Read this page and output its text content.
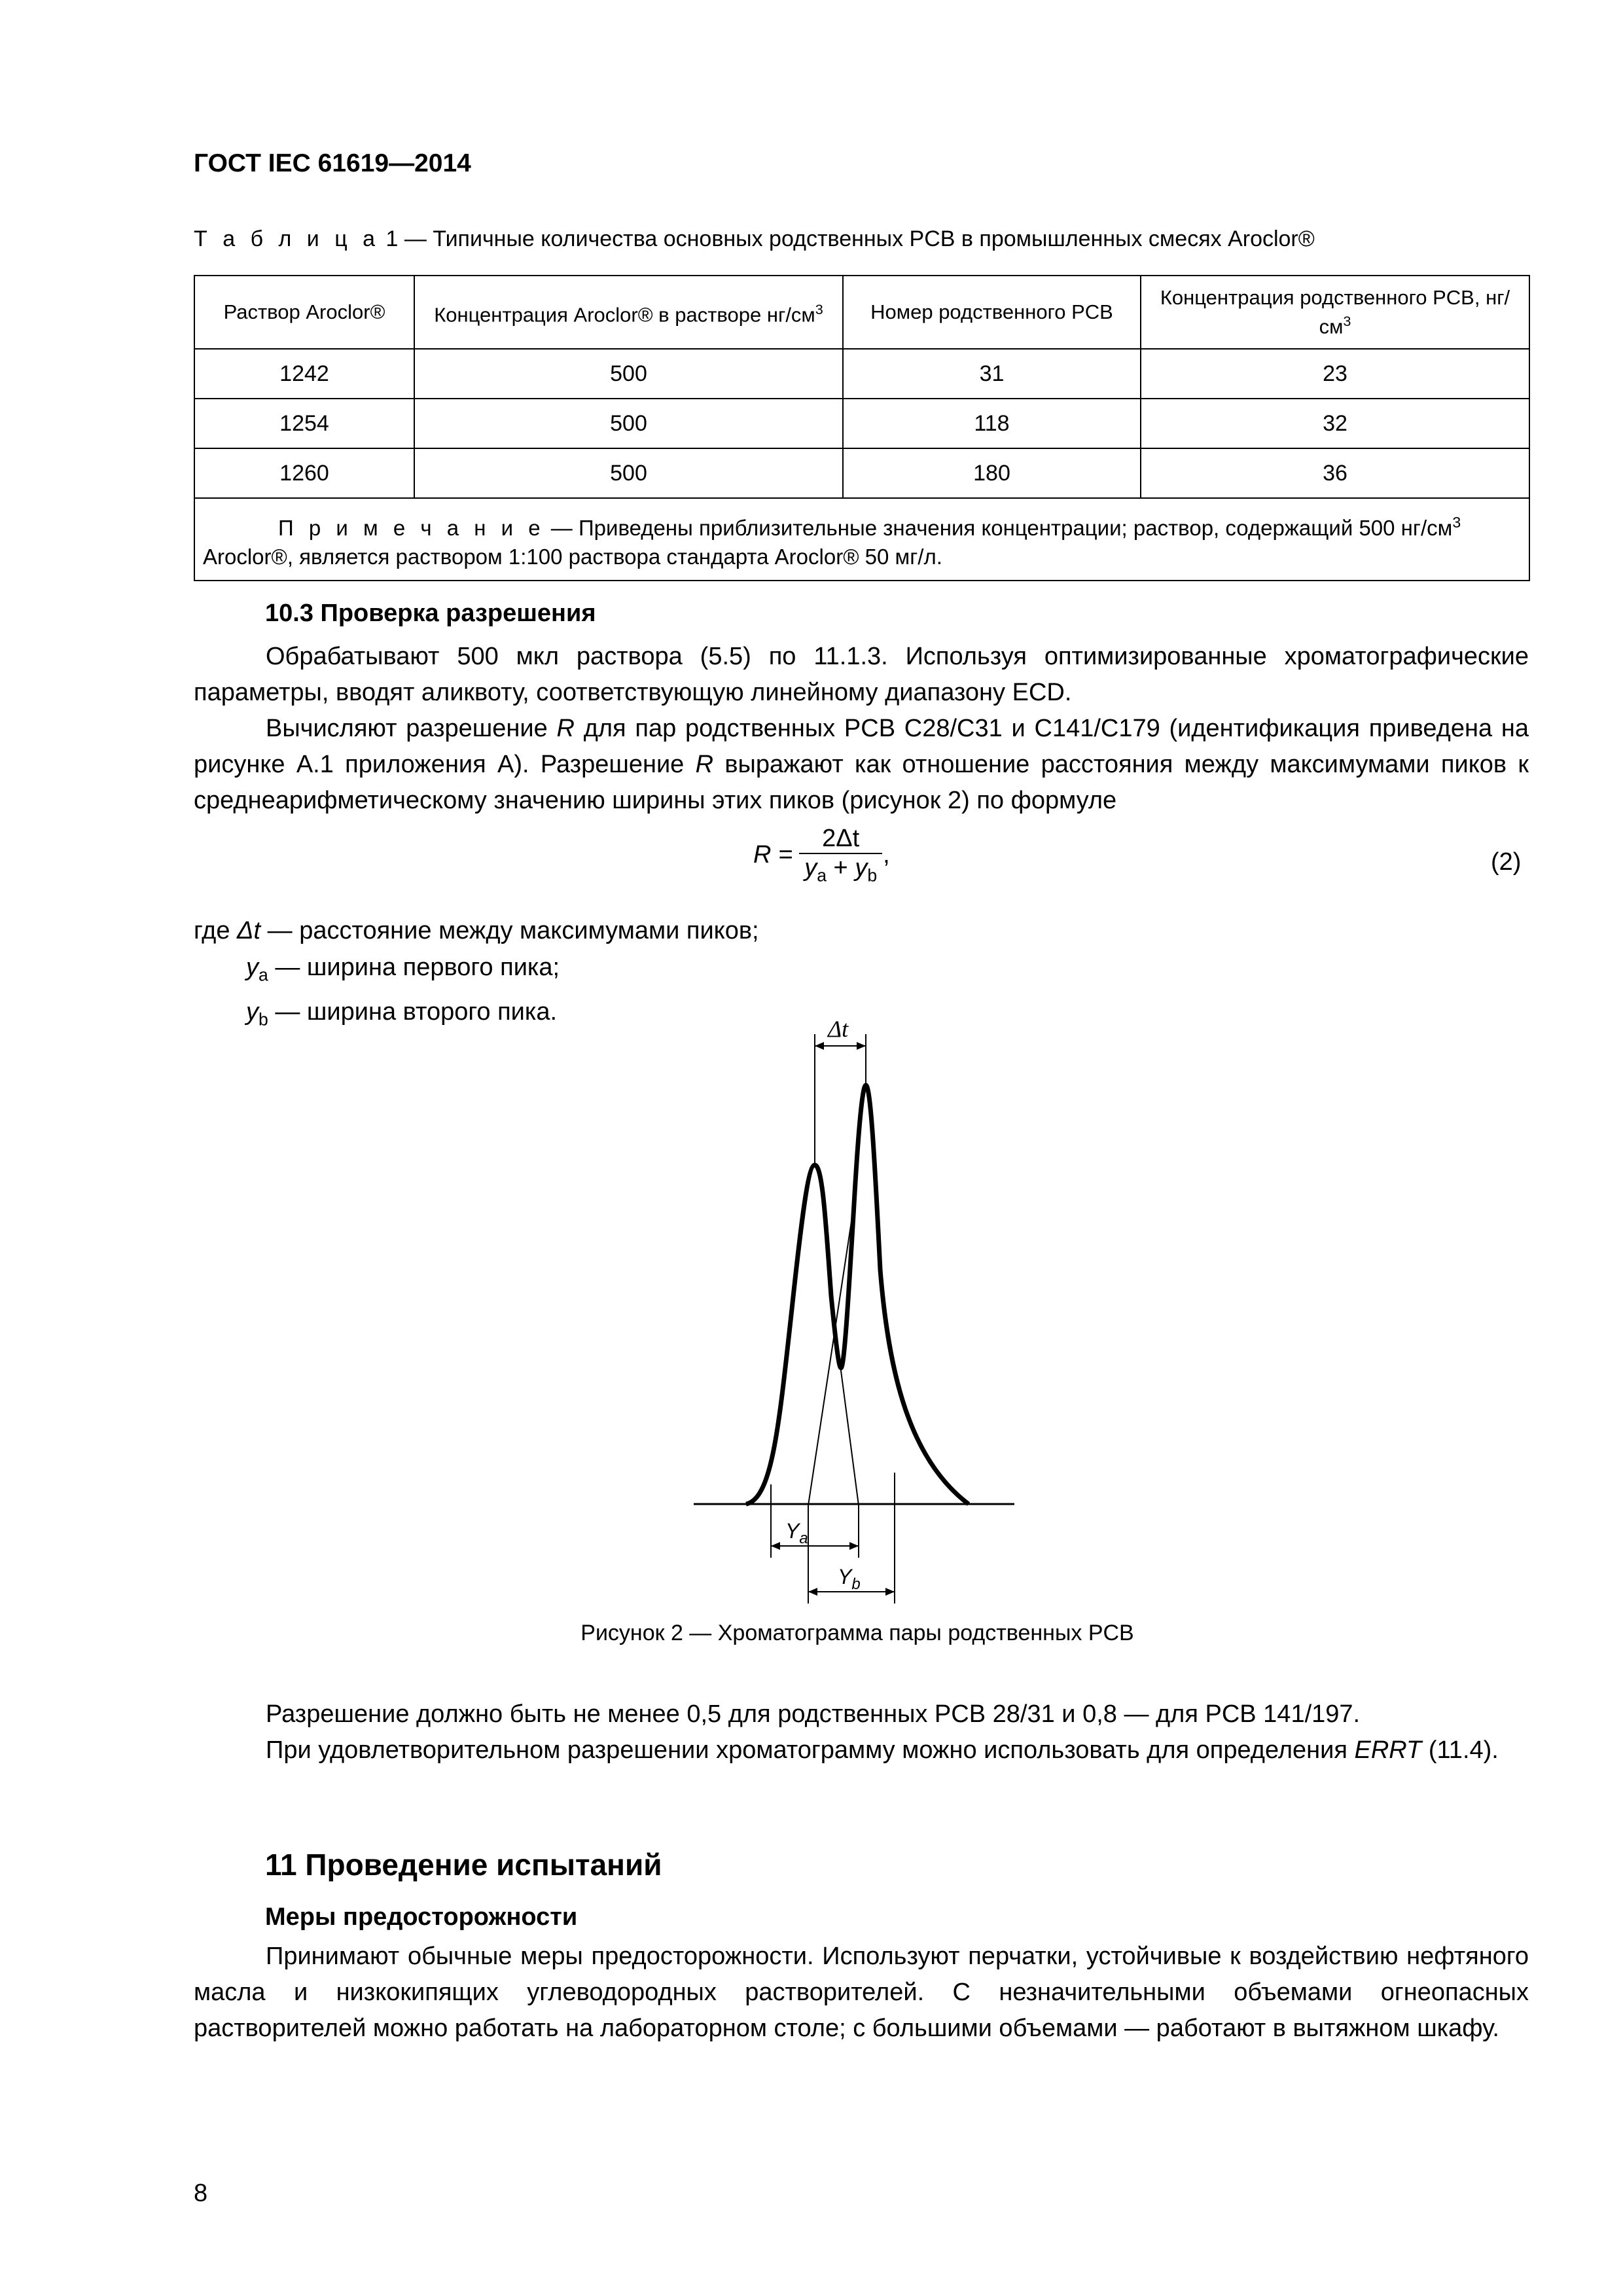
ГОСТ IEC 61619—2014
Т а б л и ц а 1 — Типичные количества основных родственных PCB в промышленных смесях Aroclor®
Раствор Aroclor®	Концентрация Aroclor® в растворе $нг/см^3$	Номер родственного PCB	Концентрация родственного PCB, $нг/см^3$
1242	500	31	23
1254	500	118	32
1260	500	180	36
П р и м е ч а н и е — Приведены приблизительные значения концентрации; раствор, содержащий 500 $нг/см^3$
Aroclor®, является раствором 1:100 раствора стандарта Aroclor® 50 мг/л.			
10.3 Проверка разрешения

Обрабатывают 500 мкл раствора (5.5) по 11.1.3. Используя оптимизированные хроматографические параметры, вводят аликвоту, соответствующую линейному диапазону ECD.

Вычисляют разрешение R для пар родственных PCB C28/C31 и C141/C179 (идентификация приведена на рисунке А.1 приложения А). Разрешение R выражают как отношение расстояния между максимумами пиков к среднеарифметическому значению ширины этих пиков (рисунок 2) по формуле

R =	2Δt	,
$y_a + y_b$	(2)
где Δt — расстояние между максимумами пиков;
$y_a$ — ширина первого пика;
$y_b$ — ширина второго пика.
Δt
$Y_a$
$Y_b$
Рисунок 2 — Хроматограмма пары родственных PCB

Разрешение должно быть не менее 0,5 для родственных PCB 28/31 и 0,8 — для PCB 141/197.

При удовлетворительном разрешении хроматограмму можно использовать для определения ERRT (11.4).

11 Проведение испытаний
Меры предосторожности

Принимают обычные меры предосторожности. Используют перчатки, устойчивые к воздействию нефтяного масла и низкокипящих углеводородных растворителей. С незначительными объемами огнеопасных растворителей можно работать на лабораторном столе; с большими объемами — работают в вытяжном шкафу.

8
